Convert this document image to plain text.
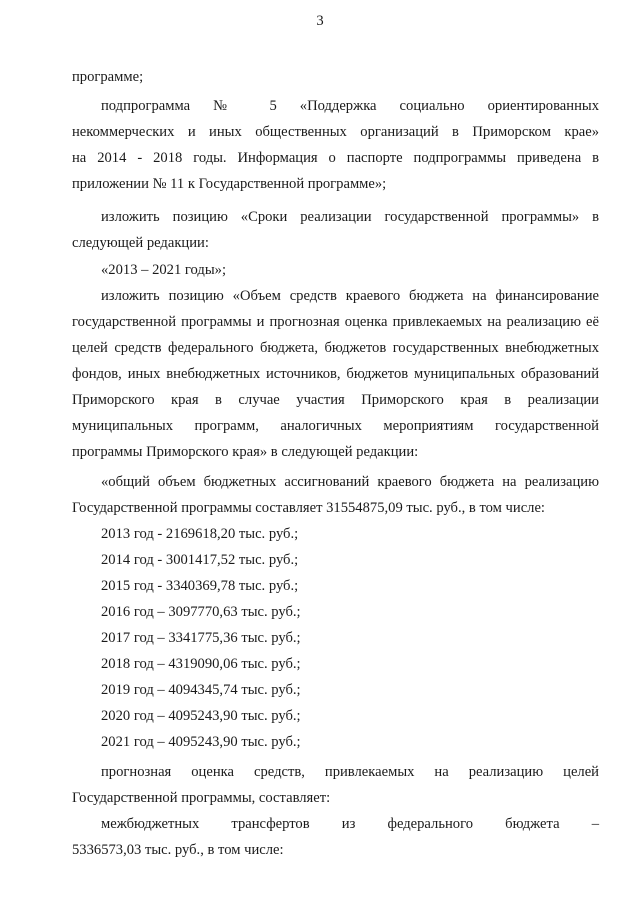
3
программе;
подпрограмма № 5 «Поддержка социально ориентированных
некоммерческих и иных общественных организаций в Приморском крае»
на 2014 - 2018 годы. Информация о паспорте подпрограммы приведена в
приложении № 11 к Государственной программе»;
изложить позицию «Сроки реализации государственной программы» в
следующей редакции:
«2013 – 2021 годы»;
изложить позицию «Объем средств краевого бюджета на финансирование
государственной программы и прогнозная оценка привлекаемых на реализацию её
целей средств федерального бюджета, бюджетов государственных внебюджетных
фондов, иных внебюджетных источников, бюджетов муниципальных образований
Приморского края в случае участия Приморского края в реализации
муниципальных программ, аналогичных мероприятиям государственной
программы Приморского края» в следующей редакции:
«общий объем бюджетных ассигнований краевого бюджета на реализацию
Государственной программы составляет 31554875,09 тыс. руб., в том числе:
2013 год - 2169618,20 тыс. руб.;
2014 год - 3001417,52 тыс. руб.;
2015 год - 3340369,78 тыс. руб.;
2016 год – 3097770,63 тыс. руб.;
2017 год – 3341775,36 тыс. руб.;
2018 год – 4319090,06 тыс. руб.;
2019 год – 4094345,74 тыс. руб.;
2020 год – 4095243,90 тыс. руб.;
2021 год – 4095243,90 тыс. руб.;
прогнозная оценка средств, привлекаемых на реализацию целей
Государственной программы, составляет:
межбюджетных трансфертов из федерального бюджета –
5336573,03 тыс. руб., в том числе:
